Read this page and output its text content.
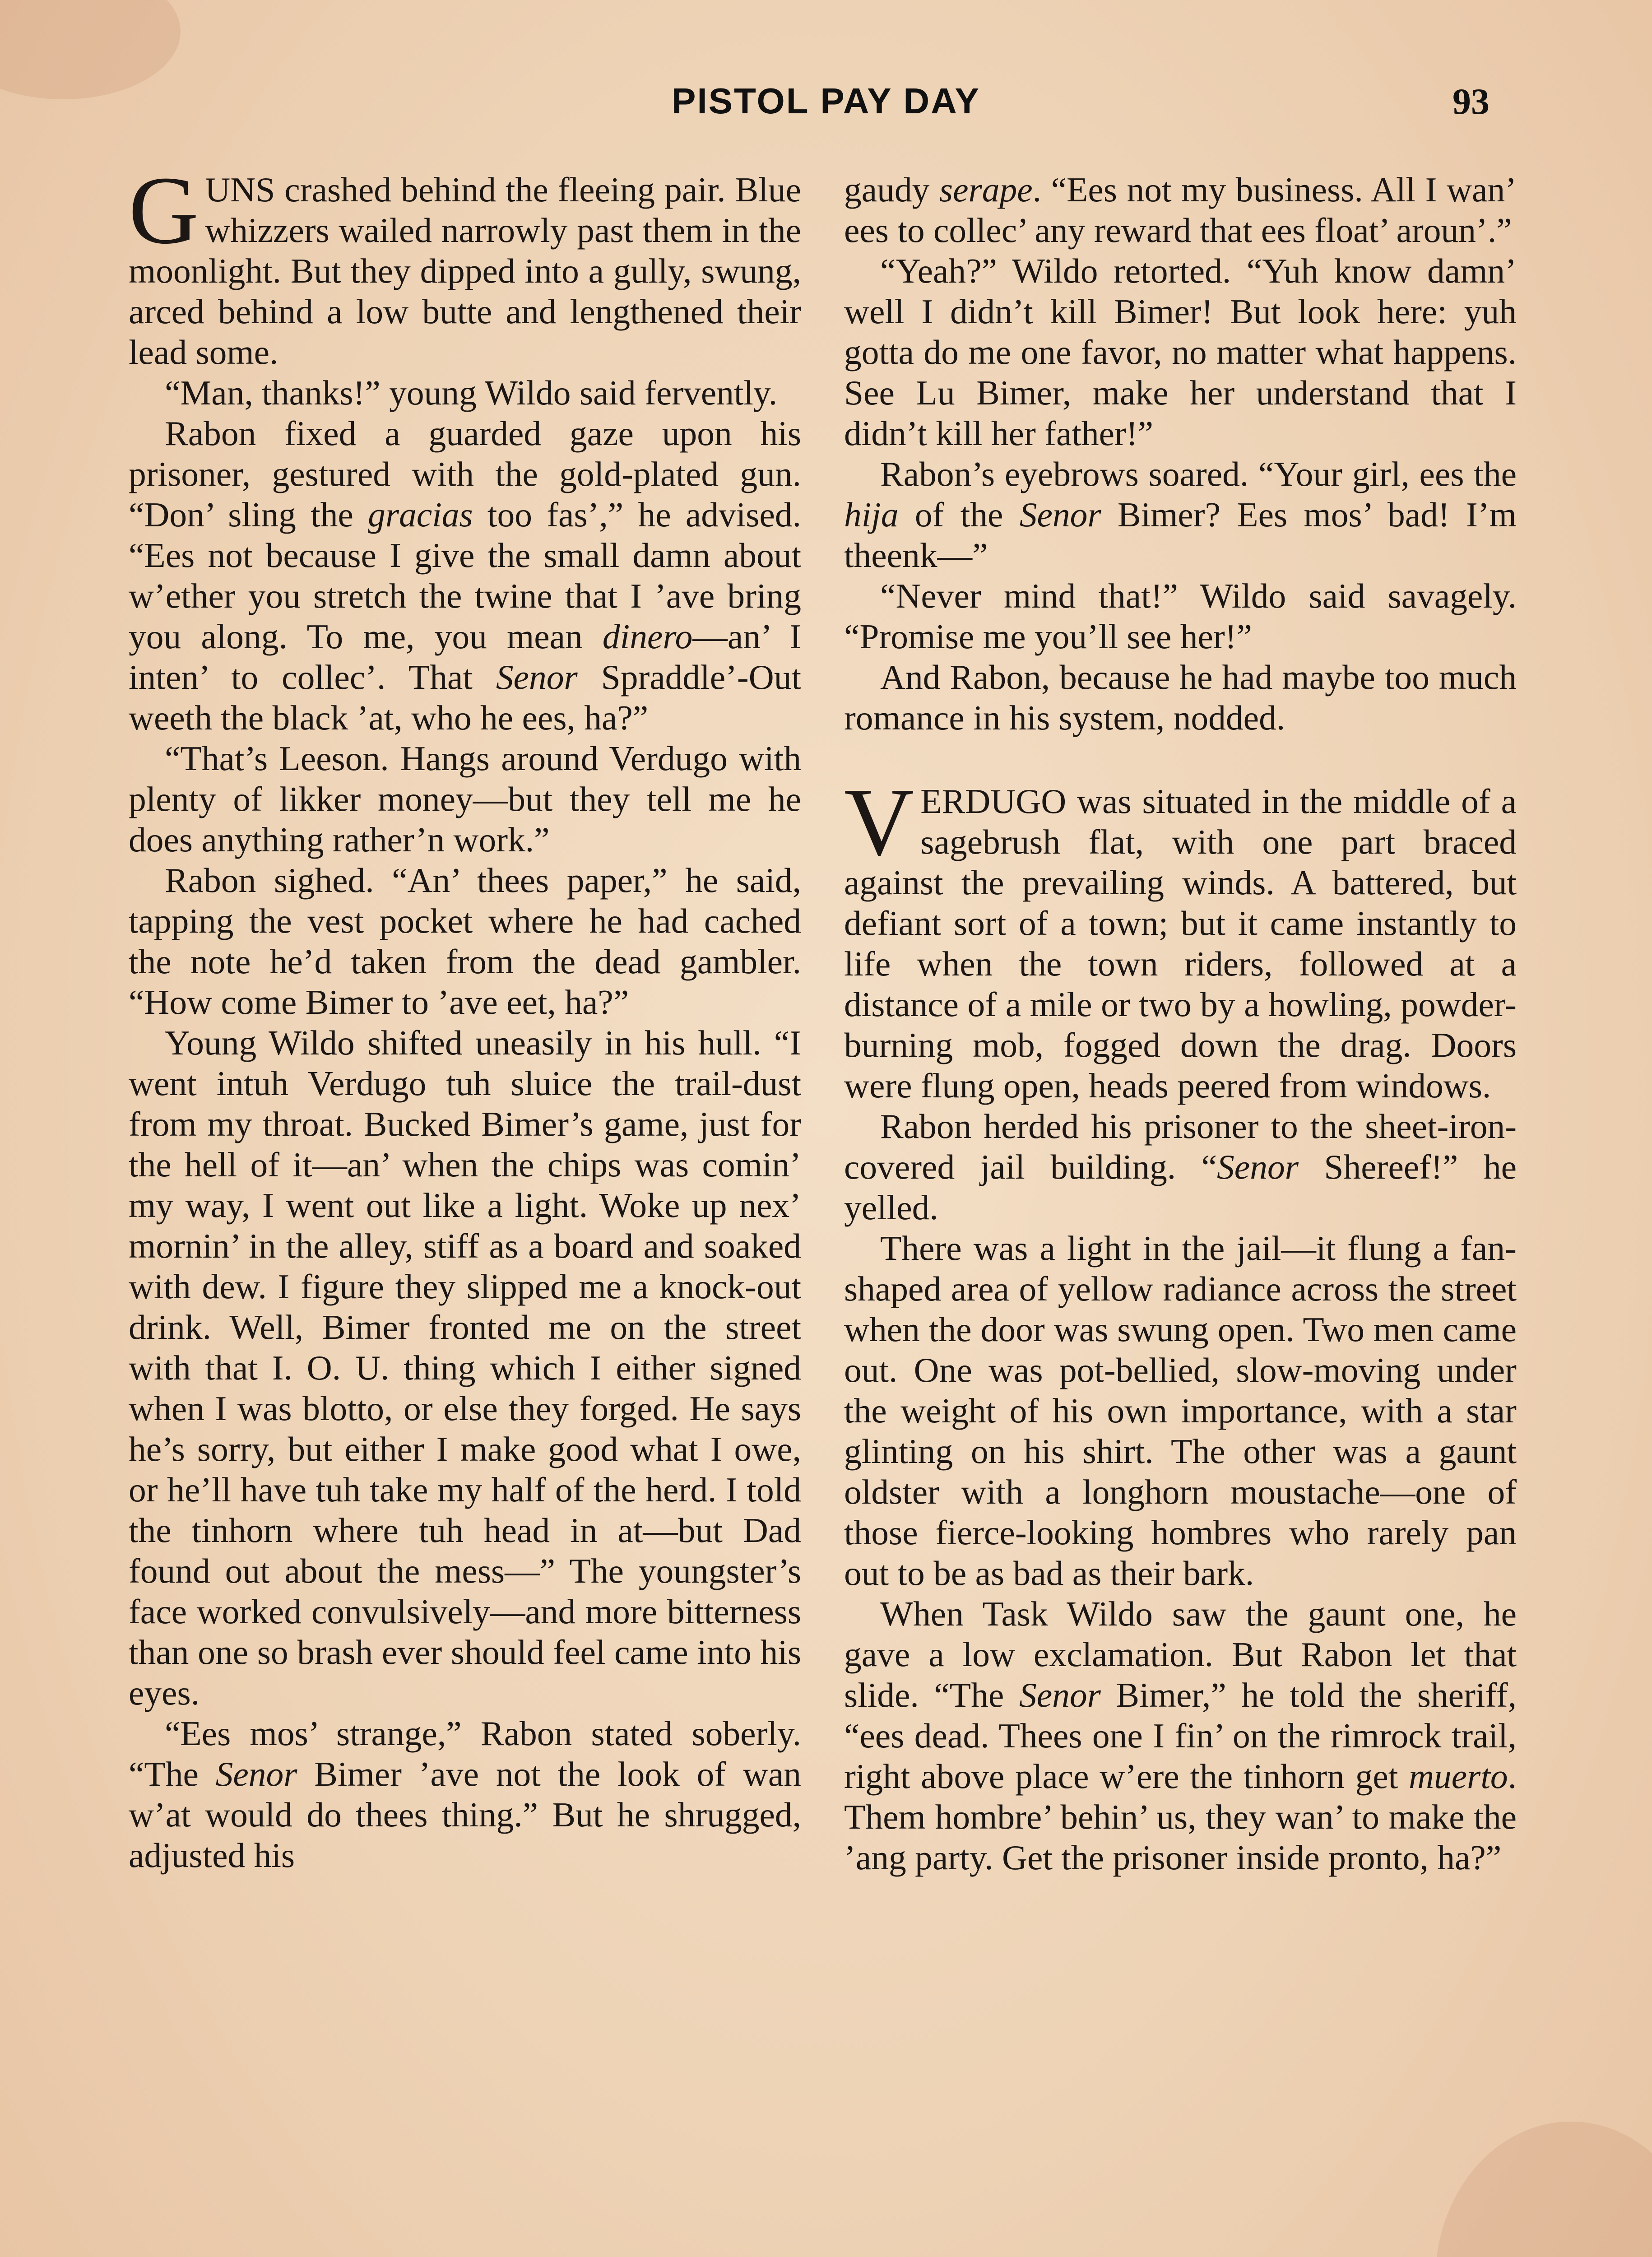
PISTOL PAY DAY	93

GUNS crashed behind the fleeing pair. Blue whizzers wailed narrowly past them in the moonlight. But they dipped into a gully, swung, arced behind a low butte and lengthened their lead some.

“Man, thanks!” young Wildo said fervently.

Rabon fixed a guarded gaze upon his prisoner, gestured with the gold-plated gun. “Don’ sling the gracias too fas’,” he advised. “Ees not because I give the small damn about w’ether you stretch the twine that I ’ave bring you along. To me, you mean dinero—an’ I inten’ to collec’. That Senor Spraddle’-Out weeth the black ’at, who he ees, ha?”

“That’s Leeson. Hangs around Verdugo with plenty of likker money—but they tell me he does anything rather’n work.”

Rabon sighed. “An’ thees paper,” he said, tapping the vest pocket where he had cached the note he’d taken from the dead gambler. “How come Bimer to ’ave eet, ha?”

Young Wildo shifted uneasily in his hull. “I went intuh Verdugo tuh sluice the trail-dust from my throat. Bucked Bimer’s game, just for the hell of it—an’ when the chips was comin’ my way, I went out like a light. Woke up nex’ mornin’ in the alley, stiff as a board and soaked with dew. I figure they slipped me a knock-out drink. Well, Bimer fronted me on the street with that I. O. U. thing which I either signed when I was blotto, or else they forged. He says he’s sorry, but either I make good what I owe, or he’ll have tuh take my half of the herd. I told the tinhorn where tuh head in at—but Dad found out about the mess—” The youngster’s face worked convulsively—and more bitterness than one so brash ever should feel came into his eyes.

“Ees mos’ strange,” Rabon stated soberly. “The Senor Bimer ’ave not the look of wan w’at would do thees thing.” But he shrugged, adjusted his

gaudy serape. “Ees not my business. All I wan’ ees to collec’ any reward that ees float’ aroun’.”

“Yeah?” Wildo retorted. “Yuh know damn’ well I didn’t kill Bimer! But look here: yuh gotta do me one favor, no matter what happens. See Lu Bimer, make her understand that I didn’t kill her father!”

Rabon’s eyebrows soared. “Your girl, ees the hija of the Senor Bimer? Ees mos’ bad! I’m theenk—”

“Never mind that!” Wildo said savagely. “Promise me you’ll see her!”

And Rabon, because he had maybe too much romance in his system, nodded.

VERDUGO was situated in the middle of a sagebrush flat, with one part braced against the prevailing winds. A battered, but defiant sort of a town; but it came instantly to life when the town riders, followed at a distance of a mile or two by a howling, powder-burning mob, fogged down the drag. Doors were flung open, heads peered from windows.

Rabon herded his prisoner to the sheet-iron-covered jail building. “Senor Shereef!” he yelled.

There was a light in the jail—it flung a fan-shaped area of yellow radiance across the street when the door was swung open. Two men came out. One was pot-bellied, slow-moving under the weight of his own importance, with a star glinting on his shirt. The other was a gaunt oldster with a longhorn moustache—one of those fierce-looking hombres who rarely pan out to be as bad as their bark.

When Task Wildo saw the gaunt one, he gave a low exclamation. But Rabon let that slide. “The Senor Bimer,” he told the sheriff, “ees dead. Thees one I fin’ on the rimrock trail, right above place w’ere the tinhorn get muerto. Them hombre’ behin’ us, they wan’ to make the ’ang party. Get the prisoner inside pronto, ha?”
